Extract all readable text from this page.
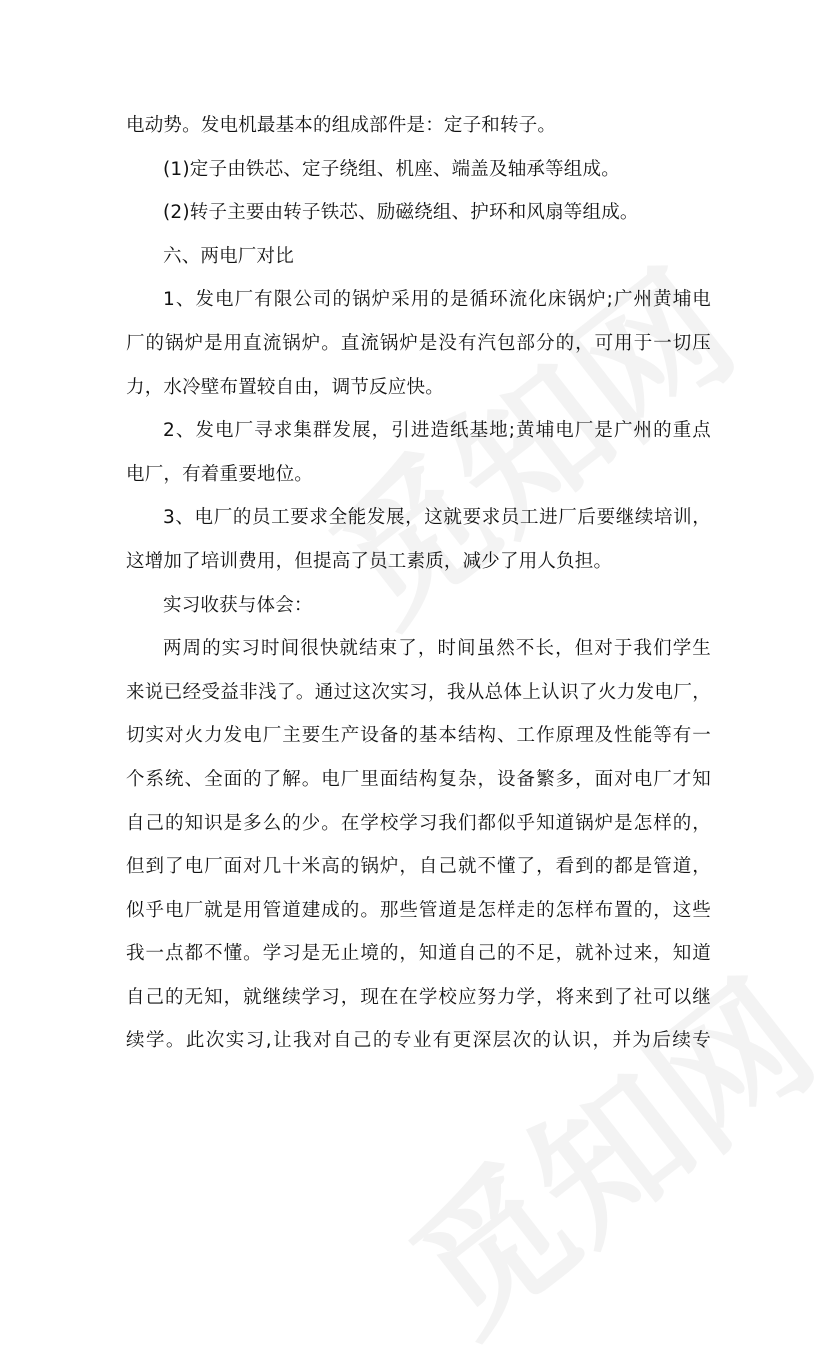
电动势。发电机最基本的组成部件是：定子和转子。
(1)定子由铁芯、定子绕组、机座、端盖及轴承等组成。
(2)转子主要由转子铁芯、励磁绕组、护环和风扇等组成。
六、两电厂对比
1、发电厂有限公司的锅炉采用的是循环流化床锅炉;广州黄埔电
厂的锅炉是用直流锅炉。直流锅炉是没有汽包部分的，可用于一切压
力，水冷壁布置较自由，调节反应快。
2、发电厂寻求集群发展，引进造纸基地;黄埔电厂是广州的重点
电厂，有着重要地位。
3、电厂的员工要求全能发展，这就要求员工进厂后要继续培训，
这增加了培训费用，但提高了员工素质，减少了用人负担。
实习收获与体会：
两周的实习时间很快就结束了，时间虽然不长，但对于我们学生
来说已经受益非浅了。通过这次实习，我从总体上认识了火力发电厂，
切实对火力发电厂主要生产设备的基本结构、工作原理及性能等有一
个系统、全面的了解。电厂里面结构复杂，设备繁多，面对电厂才知
自己的知识是多么的少。在学校学习我们都似乎知道锅炉是怎样的，
但到了电厂面对几十米高的锅炉，自己就不懂了，看到的都是管道，
似乎电厂就是用管道建成的。那些管道是怎样走的怎样布置的，这些
我一点都不懂。学习是无止境的，知道自己的不足，就补过来，知道
自己的无知，就继续学习，现在在学校应努力学，将来到了社可以继
续学。此次实习,让我对自己的专业有更深层次的认识，并为后续专
